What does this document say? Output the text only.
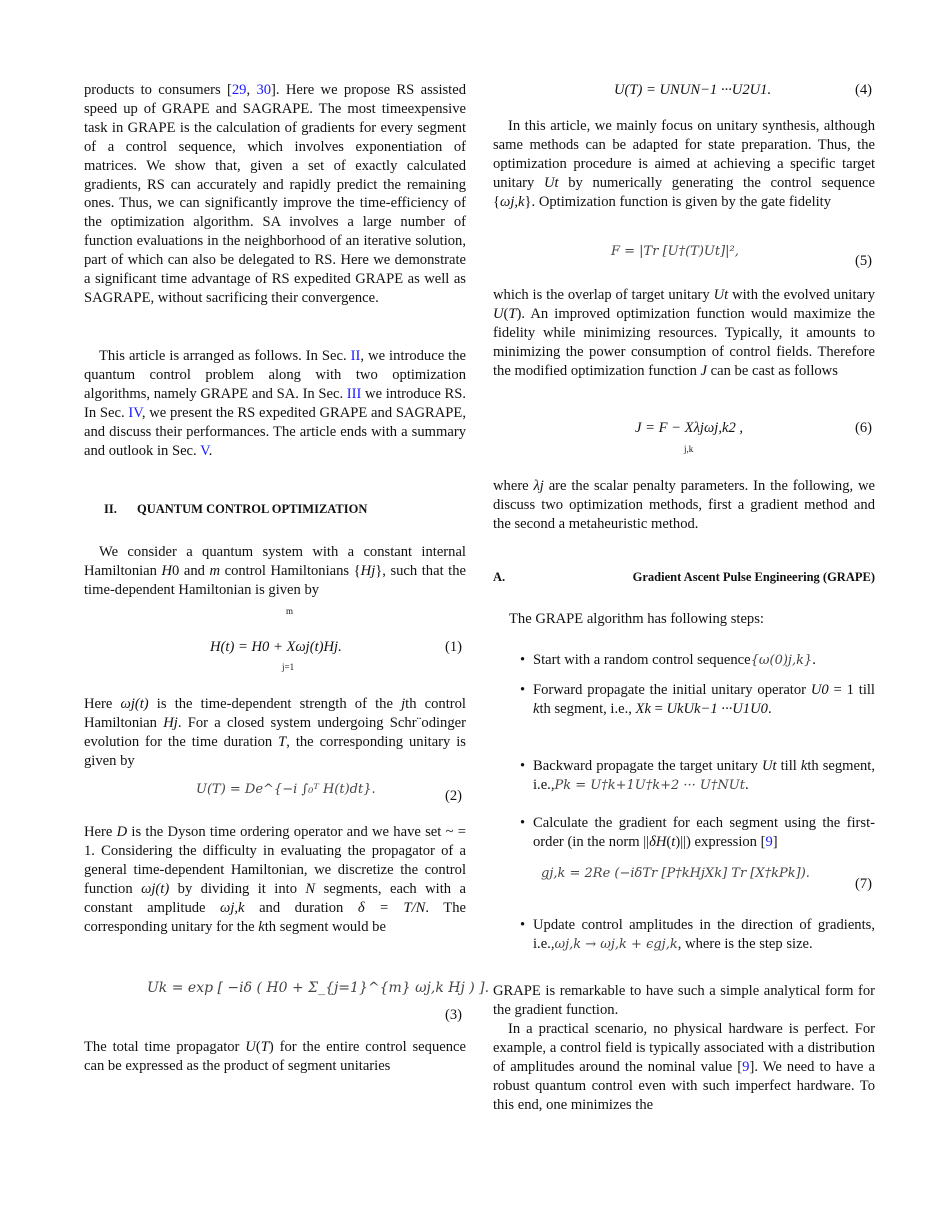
products to consumers [29, 30]. Here we propose RS assisted speed up of GRAPE and SAGRAPE. The most timeexpensive task in GRAPE is the calculation of gradients for every segment of a control sequence, which involves exponentiation of matrices. We show that, given a set of exactly calculated gradients, RS can accurately and rapidly predict the remaining ones. Thus, we can significantly improve the time-efficiency of the optimization algorithm. SA involves a large number of function evaluations in the neighborhood of an iterative solution, part of which can also be delegated to RS. Here we demonstrate a significant time advantage of RS expedited GRAPE as well as SAGRAPE, without sacrificing their convergence.
This article is arranged as follows. In Sec. II, we introduce the quantum control problem along with two optimization algorithms, namely GRAPE and SA. In Sec. III we introduce RS. In Sec. IV, we present the RS expedited GRAPE and SAGRAPE, and discuss their performances. The article ends with a summary and outlook in Sec. V.
II. QUANTUM CONTROL OPTIMIZATION
We consider a quantum system with a constant internal Hamiltonian H0 and m control Hamiltonians {Hj}, such that the time-dependent Hamiltonian is given by
m
H(t) = H0 + Xωj(t)Hj.
j=1
(1)
Here ωj(t) is the time-dependent strength of the jth control Hamiltonian Hj. For a closed system undergoing Schr¨odinger evolution for the time duration T, the corresponding unitary is given by
U(T) = De^{−i ∫₀ᵀ H(t)dt}.	(2)
Here D is the Dyson time ordering operator and we have set ~ = 1. Considering the difficulty in evaluating the propagator of a general time-dependent Hamiltonian, we discretize the control function ωj(t) by dividing it into N segments, each with a constant amplitude ωj,k and duration δ = T/N. The corresponding unitary for the kth segment would be
Uk = exp [ −iδ ( H0 + Σ_{j=1}^{m} ωj,k Hj ) ].
(3)
The total time propagator U(T) for the entire control sequence can be expressed as the product of segment unitaries
U(T) = UNUN−1 ···U2U1.	(4)
In this article, we mainly focus on unitary synthesis, although same methods can be adapted for state preparation. Thus, the optimization procedure is aimed at achieving a specific target unitary Ut by numerically generating the control sequence {ωj,k}. Optimization function is given by the gate fidelity
F = |Tr [U†(T)Ut]|²,
(5)
which is the overlap of target unitary Ut with the evolved unitary U(T). An improved optimization function would maximize the fidelity while minimizing resources. Typically, it amounts to minimizing the power consumption of control fields. Therefore the modified optimization function J can be cast as follows
J = F − Xλjωj,k2 ,
j,k
(6)
where λj are the scalar penalty parameters. In the following, we discuss two optimization methods, first a gradient method and the second a metaheuristic method.
A.	Gradient Ascent Pulse Engineering (GRAPE)
The GRAPE algorithm has following steps:
• Start with a random control sequence{ω(0)j,k}.
• Forward propagate the initial unitary operator U0 = 1 till kth segment, i.e., Xk = UkUk−1 ···U1U0.
• Backward propagate the target unitary Ut till kth segment, i.e.,Pk = U†k+1U†k+2 ··· U†NUt.
• Calculate the gradient for each segment using the first-order (in the norm ||δH(t)||) expression [9]
• Update control amplitudes in the direction of gradients, i.e.,ωj,k → ωj,k + ϵgj,k, where is the step size.
gj,k = 2Re (−iδTr [P†kHjXk] Tr [X†kPk]).
(7)
GRAPE is remarkable to have such a simple analytical form for the gradient function.
In a practical scenario, no physical hardware is perfect. For example, a control field is typically associated with a distribution of amplitudes around the nominal value [9]. We need to have a robust quantum control even with such imperfect hardware. To this end, one minimizes the
